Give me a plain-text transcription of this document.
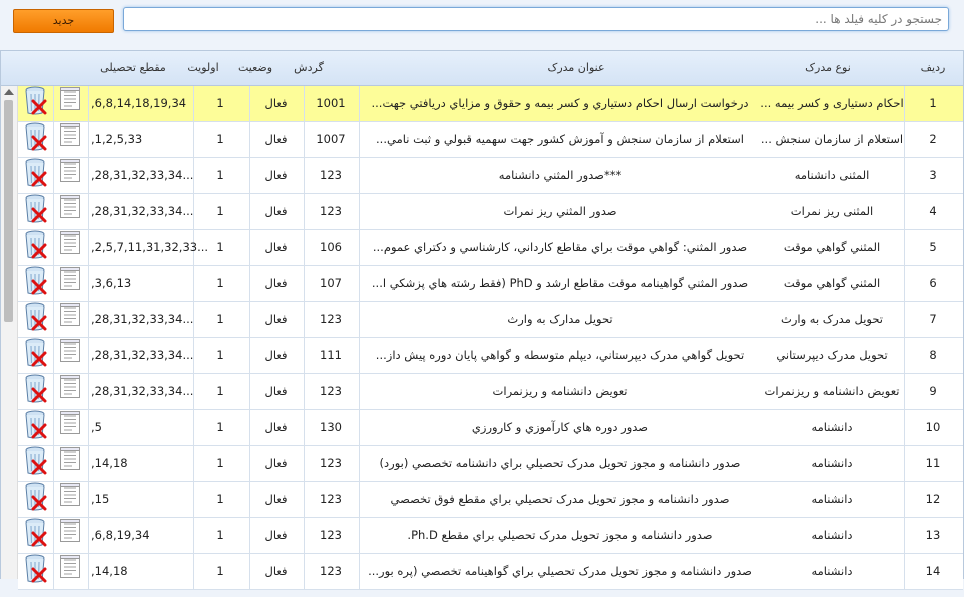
جدید
جستجو در کلیه فیلد ها ...
مقطع تحصیلی	اولویت	وضعیت	گردش	عنوان مدرک	نوع مدرک	ردیف
,6,8,14,18,19,34	1	فعال	1001	درخواست ارسال احکام دستیاري و کسر بيمه و حقوق و مزاياي دريافتي جهت...	احکام دستیاری و کسر بیمه ...	1
,1,2,5,33	1	فعال	1007	استعلام از سازمان سنجش و آموزش کشور جهت سهميه قبولي و ثبت نامي...	استعلام از سازمان سنجش ...	2
,28,31,32,33,34...	1	فعال	123	***صدور المثني دانشنامه	المثنی دانشنامه	3
,28,31,32,33,34...	1	فعال	123	صدور المثني ريز نمرات	المثنی ریز نمرات	4
,2,5,7,11,31,32,33... 1	فعال	106	صدور المثني: گواهي موقت براي مقاطع کارداني، کارشناسي و دکتراي عموم...	المثني گواهي موقت	5
,3,6,13	1	فعال	107	صدور المثني گواهينامه موقت مقاطع ارشد و PhD (فقط رشته هاي پزشکي ا...	المثني گواهي موقت	6
,28,31,32,33,34...	1	فعال	123	تحويل مدارک به وارث	تحويل مدرک به وارث	7
,28,31,32,33,34...	1	فعال	111	تحويل گواهي مدرک ديپرستاني، ديپلم متوسطه و گواهي پايان دوره پيش داز...	تحويل مدرک ديپرستاني	8
,28,31,32,33,34...	1	فعال	123	تعويض دانشنامه و ريزنمرات	تعویض دانشنامه و ریزنمرات	9
,5	1	فعال	130	صدور دوره هاي كارآموزي و كارورزي	دانشنامه	10
,14,18	1	فعال	123	صدور دانشنامه و مجوز تحويل مدرک تحصيلي براي دانشنامه تخصصي (بورد)	دانشنامه	11
,15	1	فعال	123	صدور دانشنامه و مجوز تحويل مدرک تحصيلي براي مقطع فوق تخصصي	دانشنامه	12
,6,8,19,34	1	فعال	123	صدور دانشنامه و مجوز تحويل مدرک تحصيلي براي مقطع Ph.D.	دانشنامه	13
,14,18	1	فعال	123	صدور دانشنامه و مجوز تحويل مدرک تحصيلي براي گواهينامه تخصصي (پره بور...	دانشنامه	14
